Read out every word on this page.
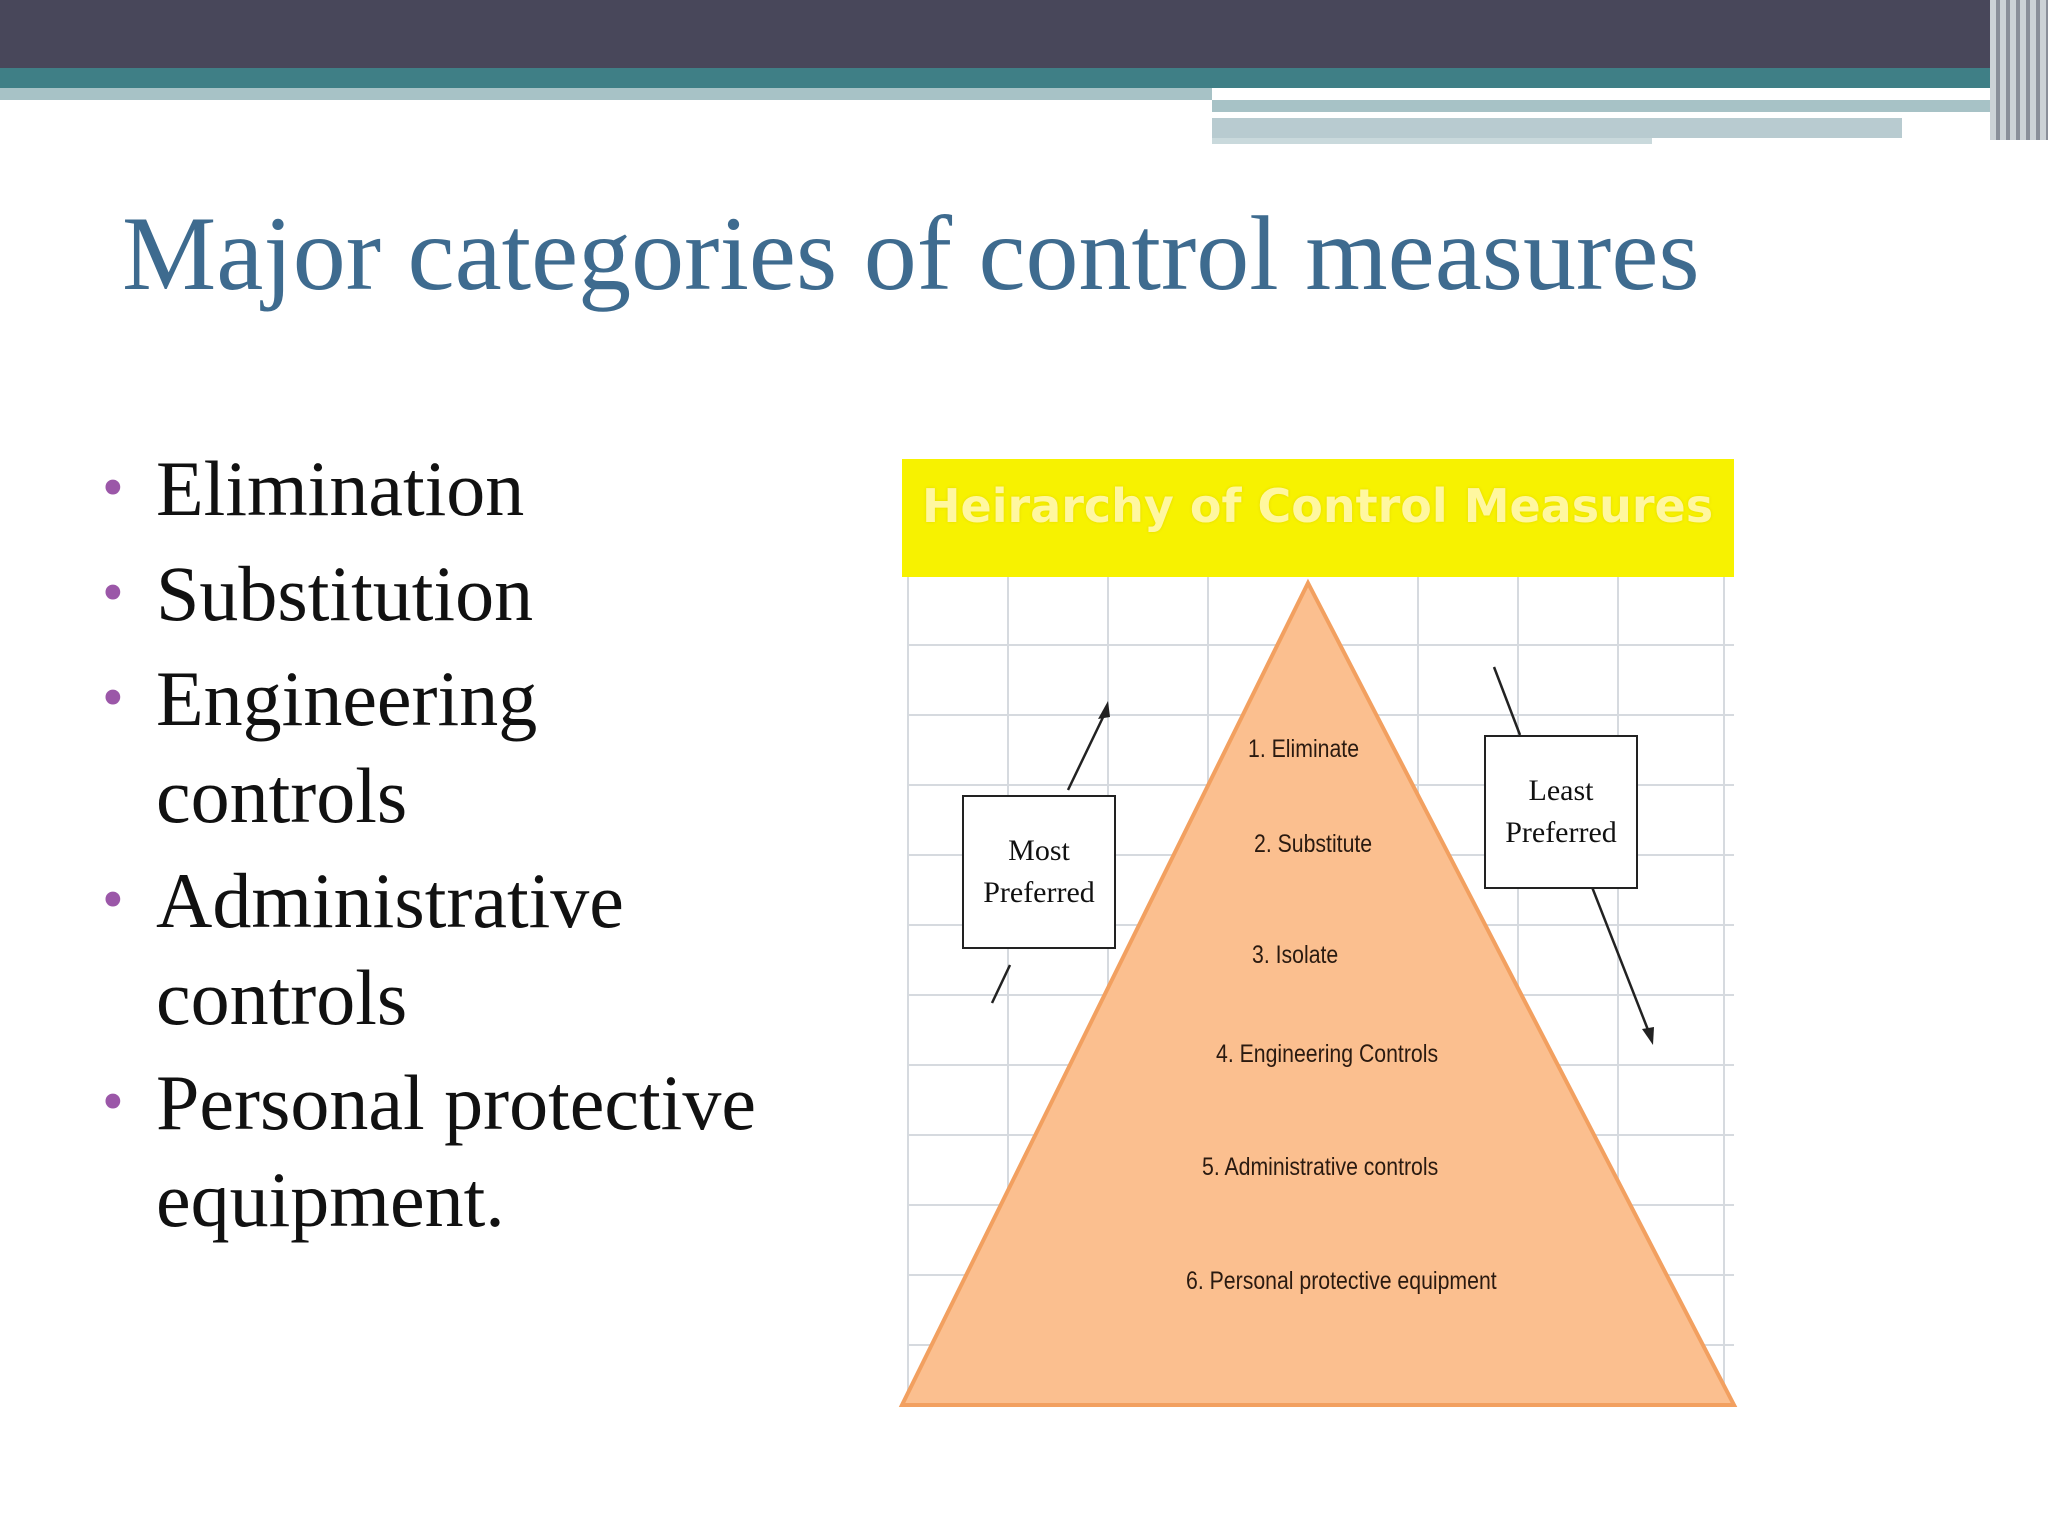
Major categories of control measures
• Elimination
• Substitution
• Engineering controls
• Administrative controls
• Personal protective equipment.
Heirarchy of Control Measures
1. Eliminate
2. Substitute
3. Isolate
4. Engineering Controls
5. Administrative controls
6. Personal protective equipment
Most Preferred
Least Preferred
